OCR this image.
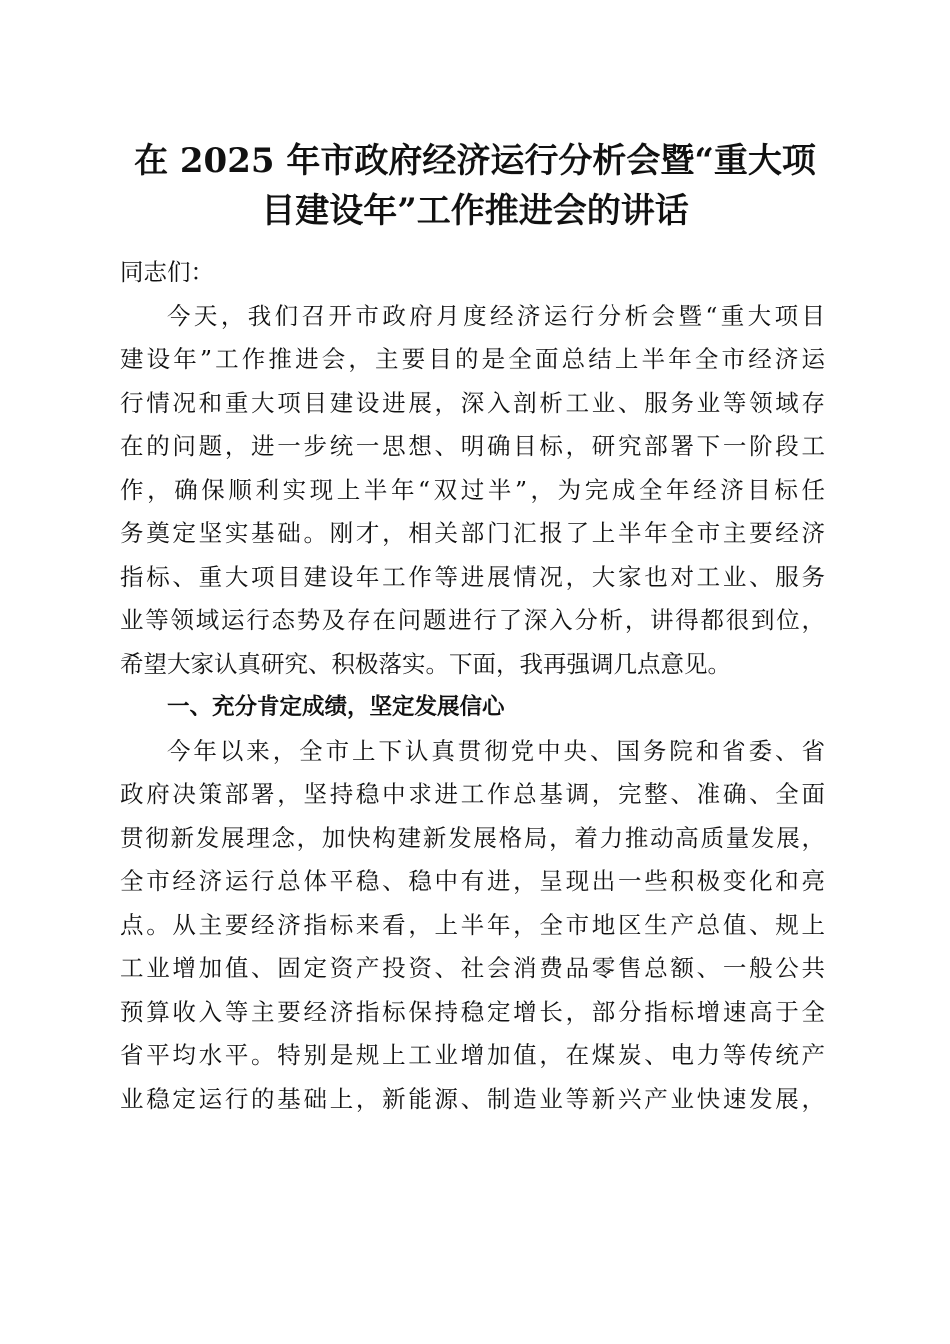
在 2025 年市政府经济运行分析会暨“重大项
目建设年”工作推进会的讲话
同志们：
今天，我们召开市政府月度经济运行分析会暨“重大项目
建设年”工作推进会，主要目的是全面总结上半年全市经济运
行情况和重大项目建设进展，深入剖析工业、服务业等领域存
在的问题，进一步统一思想、明确目标，研究部署下一阶段工
作，确保顺利实现上半年“双过半”，为完成全年经济目标任
务奠定坚实基础。刚才，相关部门汇报了上半年全市主要经济
指标、重大项目建设年工作等进展情况，大家也对工业、服务
业等领域运行态势及存在问题进行了深入分析，讲得都很到位，
希望大家认真研究、积极落实。下面，我再强调几点意见。
一、充分肯定成绩，坚定发展信心
今年以来，全市上下认真贯彻党中央、国务院和省委、省
政府决策部署，坚持稳中求进工作总基调，完整、准确、全面
贯彻新发展理念，加快构建新发展格局，着力推动高质量发展，
全市经济运行总体平稳、稳中有进，呈现出一些积极变化和亮
点。从主要经济指标来看，上半年，全市地区生产总值、规上
工业增加值、固定资产投资、社会消费品零售总额、一般公共
预算收入等主要经济指标保持稳定增长，部分指标增速高于全
省平均水平。特别是规上工业增加值，在煤炭、电力等传统产
业稳定运行的基础上，新能源、制造业等新兴产业快速发展，
